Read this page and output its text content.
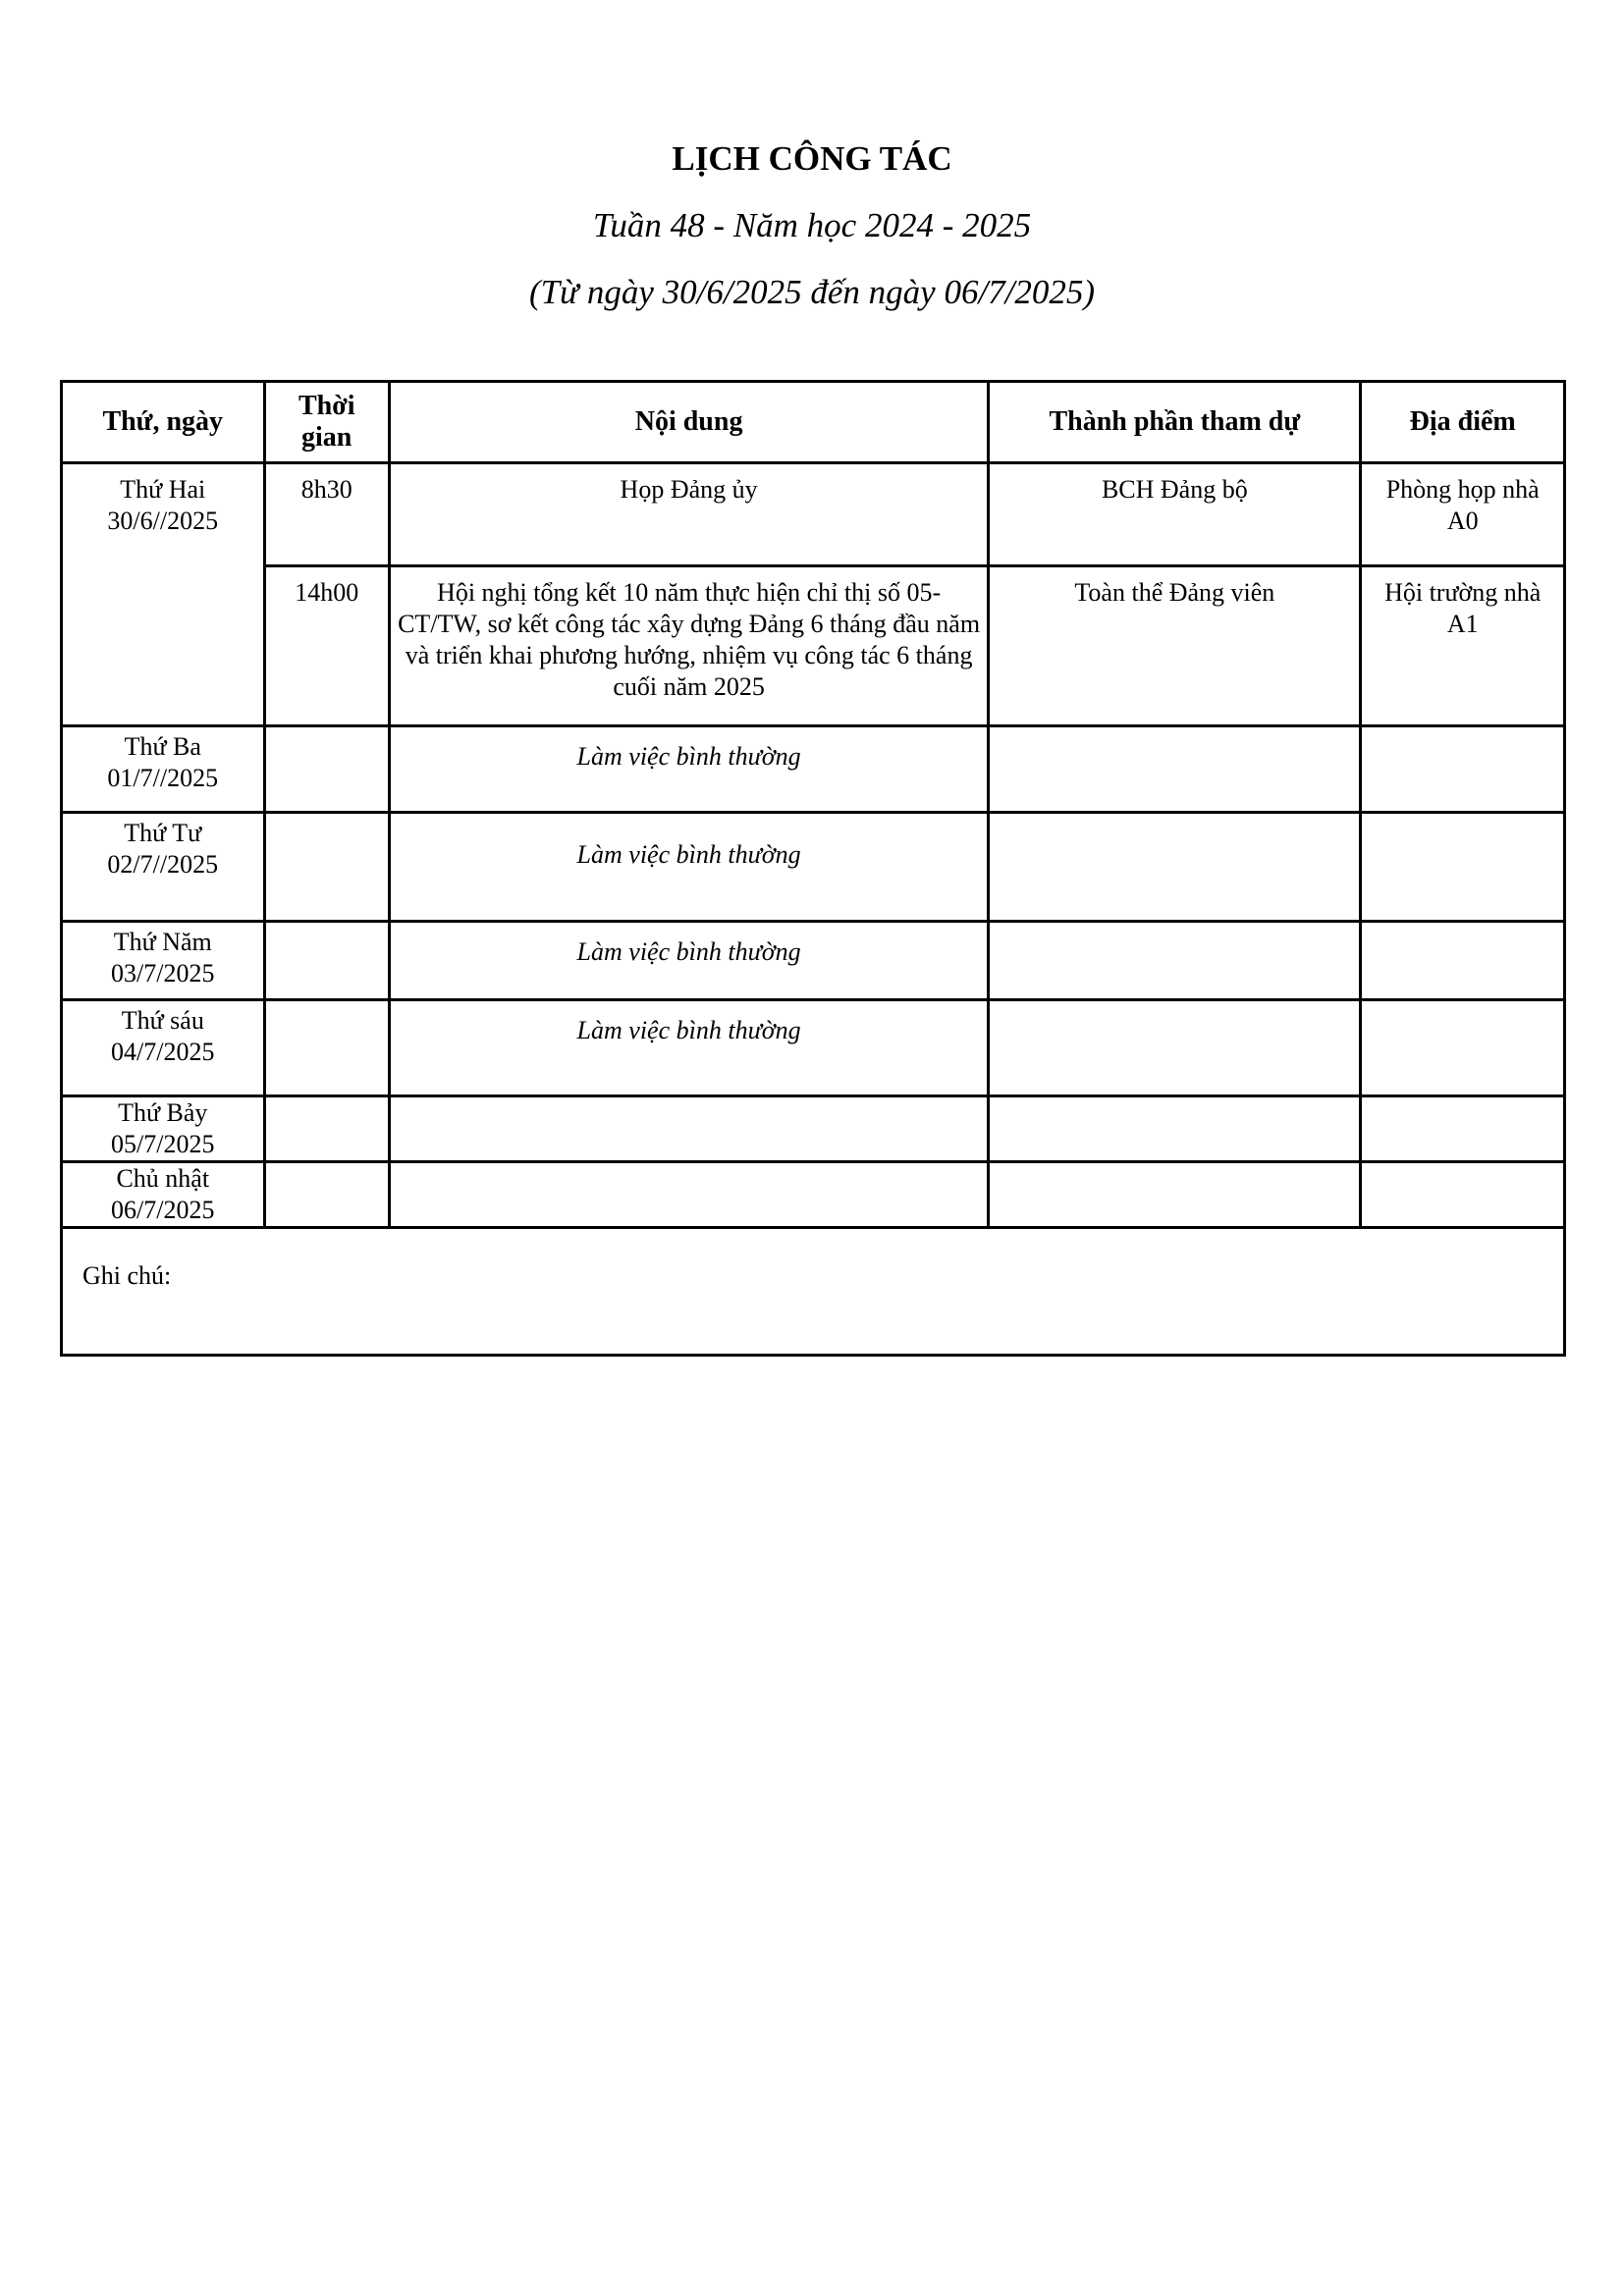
LỊCH CÔNG TÁC
Tuần 48 - Năm học 2024 - 2025
(Từ ngày 30/6/2025 đến ngày 06/7/2025)
Thứ, ngày	Thời gian	Nội dung	Thành phần tham dự	Địa điểm

Thứ Hai
30/6//2025	8h30	Họp Đảng ủy	BCH Đảng bộ	Phòng họp nhà A0
	14h00	Hội nghị tổng kết 10 năm thực hiện chỉ thị số 05-CT/TW, sơ kết công tác xây dựng Đảng 6 tháng đầu năm và triển khai phương hướng, nhiệm vụ công tác 6 tháng cuối năm 2025	Toàn thể Đảng viên	Hội trường nhà A1

Thứ Ba
01/7//2025		Làm việc bình thường		

Thứ Tư
02/7//2025		Làm việc bình thường		

Thứ Năm
03/7/2025		Làm việc bình thường		

Thứ sáu
04/7/2025		Làm việc bình thường		

Thứ Bảy
05/7/2025				

Chủ nhật
06/7/2025				

Ghi chú:				
